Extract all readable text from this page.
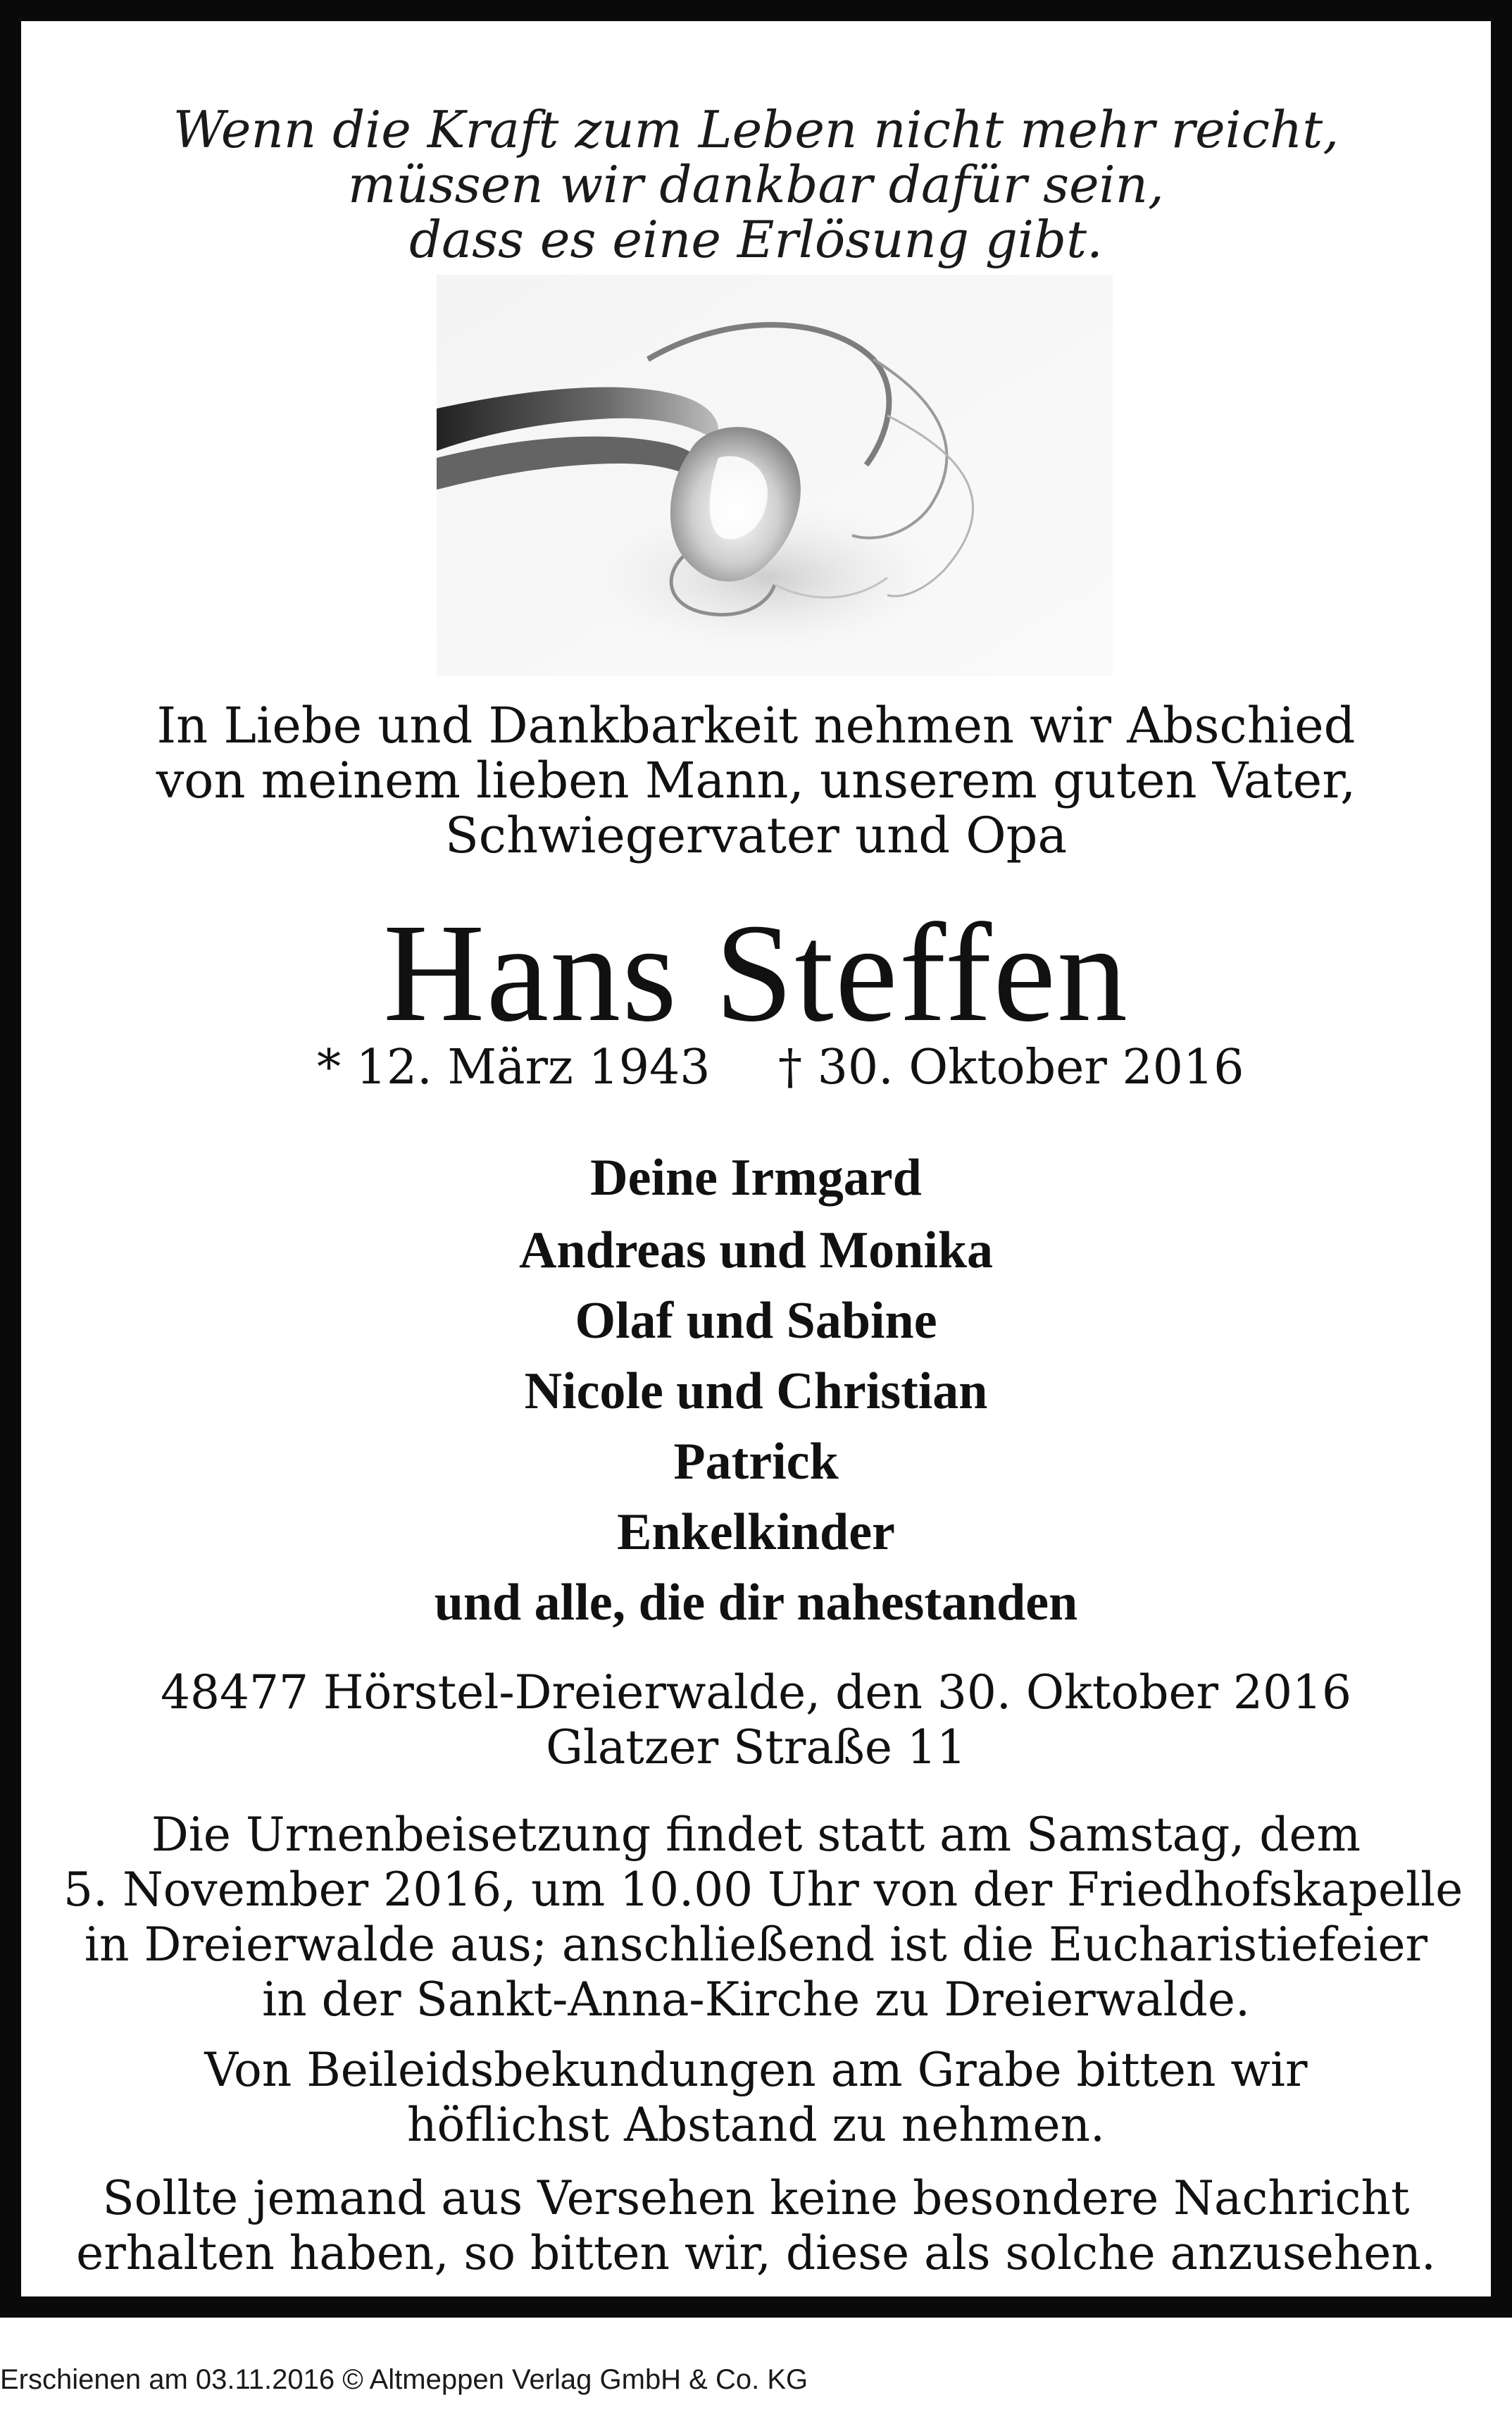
Wenn die Kraft zum Leben nicht mehr reicht,
müssen wir dankbar dafür sein,
dass es eine Erlösung gibt.
In Liebe und Dankbarkeit nehmen wir Abschied
von meinem lieben Mann, unserem guten Vater,
Schwiegervater und Opa
Hans Steffen
* 12. März 1943 † 30. Oktober 2016
Deine Irmgard
Andreas und Monika
Olaf und Sabine
Nicole und Christian
Patrick
Enkelkinder
und alle, die dir nahestanden
48477 Hörstel-Dreierwalde, den 30. Oktober 2016
Glatzer Straße 11
Die Urnenbeisetzung findet statt am Samstag, dem
5. November 2016, um 10.00 Uhr von der Friedhofskapelle
in Dreierwalde aus; anschließend ist die Eucharistiefeier
in der Sankt-Anna-Kirche zu Dreierwalde.
Von Beileidsbekundungen am Grabe bitten wir
höflichst Abstand zu nehmen.
Sollte jemand aus Versehen keine besondere Nachricht
erhalten haben, so bitten wir, diese als solche anzusehen.
Erschienen am 03.11.2016 © Altmeppen Verlag GmbH & Co. KG
